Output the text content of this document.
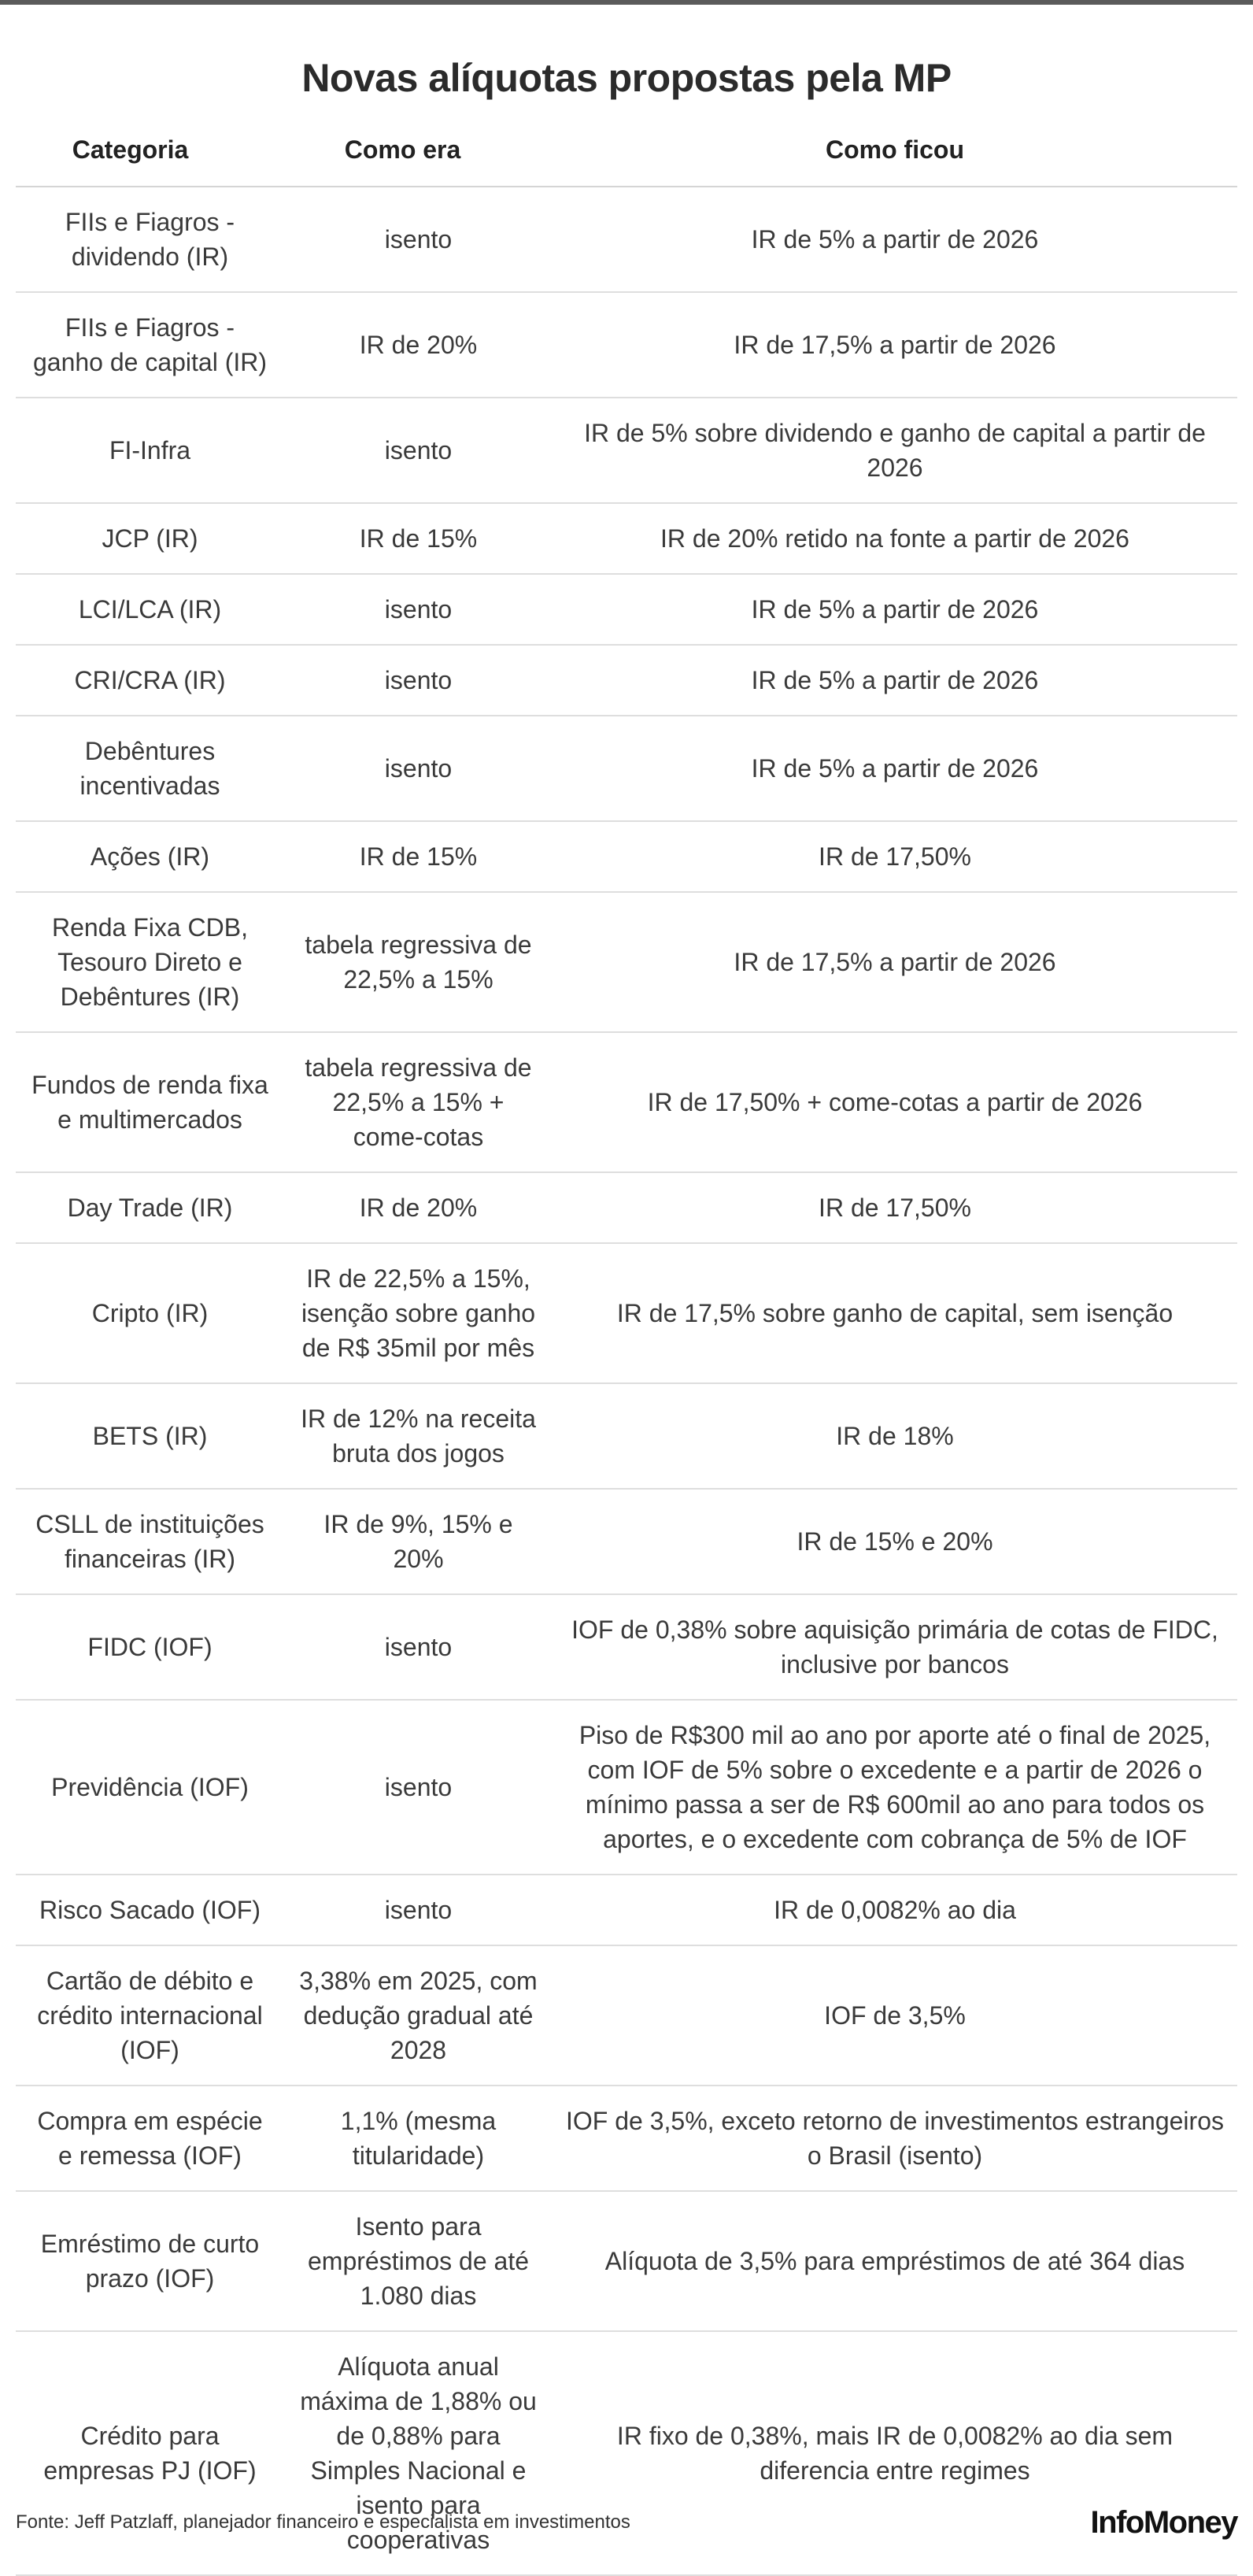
Novas alíquotas propostas pela MP
Categoria	Como era	Como ficou
FIIs e Fiagros - dividendo (IR)	isento	IR de 5% a partir de 2026
FIIs e Fiagros - ganho de capital (IR)	IR de 20%	IR de 17,5% a partir de 2026
FI-Infra	isento	IR de 5% sobre dividendo e ganho de capital a partir de 2026
JCP (IR)	IR de 15%	IR de 20% retido na fonte a partir de 2026
LCI/LCA (IR)	isento	IR de 5% a partir de 2026
CRI/CRA (IR)	isento	IR de 5% a partir de 2026
Debêntures incentivadas	isento	IR de 5% a partir de 2026
Ações (IR)	IR de 15%	IR de 17,50%
Renda Fixa CDB, Tesouro Direto e Debêntures (IR)	tabela regressiva de 22,5% a 15%	IR de 17,5% a partir de 2026
Fundos de renda fixa e multimercados	tabela regressiva de 22,5% a 15% + come-cotas	IR de 17,50% + come-cotas a partir de 2026
Day Trade (IR)	IR de 20%	IR de 17,50%
Cripto (IR)	IR de 22,5% a 15%, isenção sobre ganho de R$ 35mil por mês	IR de 17,5% sobre ganho de capital, sem isenção
BETS (IR)	IR de 12% na receita bruta dos jogos	IR de 18%
CSLL de instituições financeiras (IR)	IR de 9%, 15% e 20%	IR de 15% e 20%
FIDC (IOF)	isento	IOF de 0,38% sobre aquisição primária de cotas de FIDC, inclusive por bancos
Previdência (IOF)	isento	Piso de R$300 mil ao ano por aporte até o final de 2025, com IOF de 5% sobre o excedente e a partir de 2026 o mínimo passa a ser de R$ 600mil ao ano para todos os aportes, e o excedente com cobrança de 5% de IOF
Risco Sacado (IOF)	isento	IR de 0,0082% ao dia
Cartão de débito e crédito internacional (IOF)	3,38% em 2025, com dedução gradual até 2028	IOF de 3,5%
Compra em espécie e remessa (IOF)	1,1% (mesma titularidade)	IOF de 3,5%, exceto retorno de investimentos estrangeiros o Brasil (isento)
Emréstimo de curto prazo (IOF)	Isento para empréstimos de até 1.080 dias	Alíquota de 3,5% para empréstimos de até 364 dias
Crédito para empresas PJ (IOF)	Alíquota anual máxima de 1,88% ou de 0,88% para Simples Nacional e isento para cooperativas	IR fixo de 0,38%, mais IR de 0,0082% ao dia sem diferencia entre regimes
Fonte: Jeff Patzlaff, planejador financeiro e especialista em investimentos	InfoMoney
